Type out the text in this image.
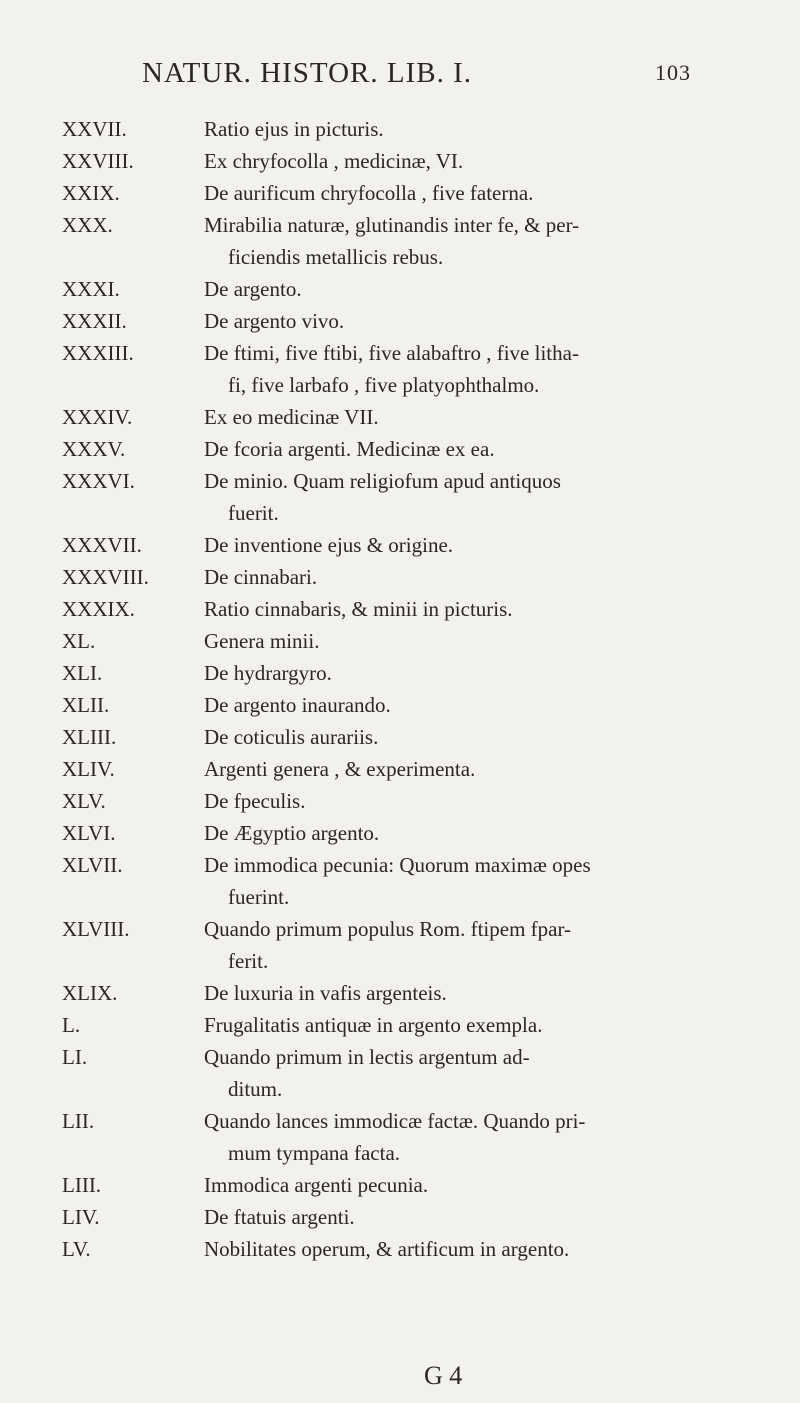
NATUR. HISTOR. LIB. I.	103
XXVII.	Ratio ejus in picturis.
XXVIII.	Ex chryfocolla , medicinæ, VI.
XXIX.	De aurificum chryfocolla , five faterna.
XXX.	Mirabilia naturæ, glutinandis inter fe, & per-
ficiendis metallicis rebus.
XXXI.	De argento.
XXXII.	De argento vivo.
XXXIII.	De ftimi, five ftibi, five alabaftro , five litha-
fi, five larbafo , five platyophthalmo.
XXXIV.	Ex eo medicinæ VII.
XXXV.	De fcoria argenti. Medicinæ ex ea.
XXXVI.	De minio. Quam religiofum apud antiquos
fuerit.
XXXVII.	De inventione ejus & origine.
XXXVIII.	De cinnabari.
XXXIX.	Ratio cinnabaris, & minii in picturis.
XL.	Genera minii.
XLI.	De hydrargyro.
XLII.	De argento inaurando.
XLIII.	De coticulis aurariis.
XLIV.	Argenti genera , & experimenta.
XLV.	De fpeculis.
XLVI.	De Ægyptio argento.
XLVII.	De immodica pecunia: Quorum maximæ opes
fuerint.
XLVIII.	Quando primum populus Rom. ftipem fpar-
ferit.
XLIX.	De luxuria in vafis argenteis.
L.	Frugalitatis antiquæ in argento exempla.
LI.	Quando primum in lectis argentum ad-
ditum.
LII.	Quando lances immodicæ factæ. Quando pri-
mum tympana facta.
LIII.	Immodica argenti pecunia.
LIV.	De ftatuis argenti.
LV.	Nobilitates operum, & artificum in argento.
G 4
